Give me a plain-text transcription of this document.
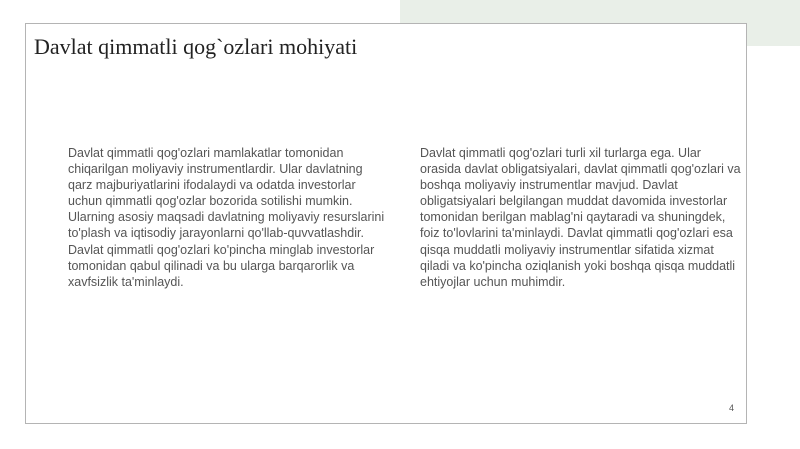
Davlat qimmatli qog`ozlari mohiyati

Davlat qimmatli qog'ozlari mamlakatlar tomonidan chiqarilgan moliyaviy instrumentlardir. Ular davlatning qarz majburiyatlarini ifodalaydi va odatda investorlar uchun qimmatli qog'ozlar bozorida sotilishi mumkin. Ularning asosiy maqsadi davlatning moliyaviy resurslarini to'plash va iqtisodiy jarayonlarni qo'llab-quvvatlashdir. Davlat qimmatli qog'ozlari ko'pincha minglab investorlar tomonidan qabul qilinadi va bu ularga barqarorlik va xavfsizlik ta'minlaydi.

Davlat qimmatli qog'ozlari turli xil turlarga ega. Ular orasida davlat obligatsiyalari, davlat qimmatli qog'ozlari va boshqa moliyaviy instrumentlar mavjud. Davlat obligatsiyalari belgilangan muddat davomida investorlar tomonidan berilgan mablag'ni qaytaradi va shuningdek, foiz to'lovlarini ta'minlaydi. Davlat qimmatli qog'ozlari esa qisqa muddatli moliyaviy instrumentlar sifatida xizmat qiladi va ko'pincha oziqlanish yoki boshqa qisqa muddatli ehtiyojlar uchun muhimdir.

4
